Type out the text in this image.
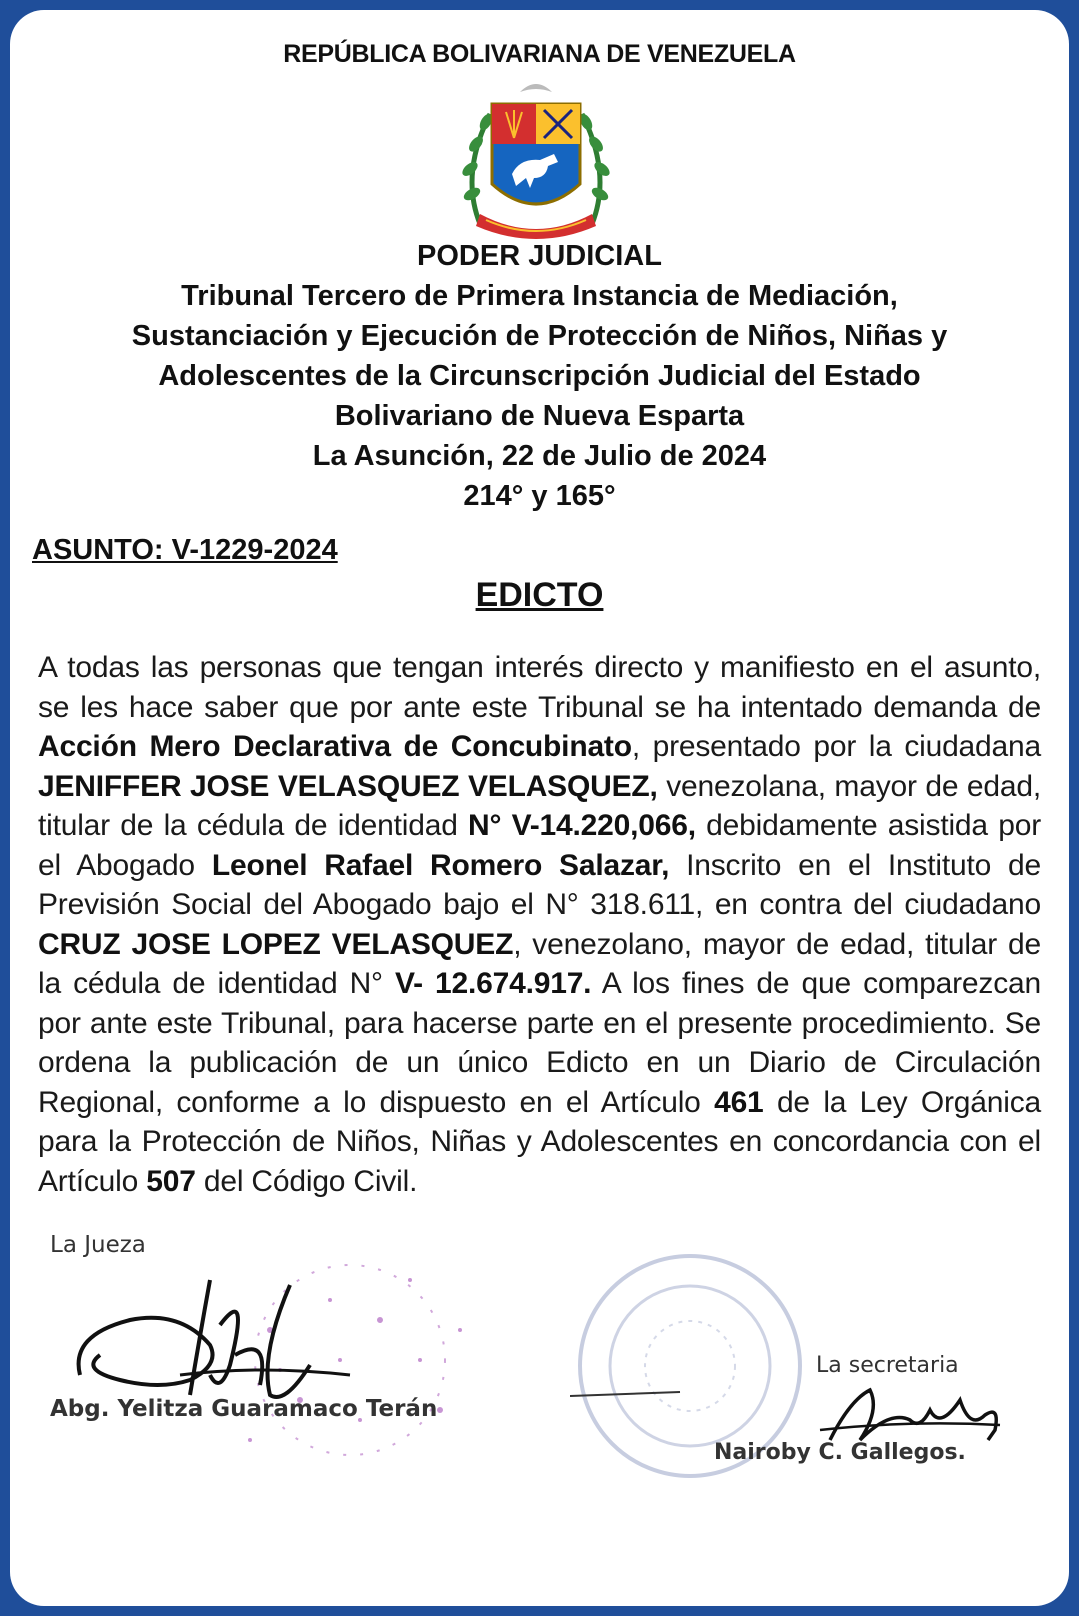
REPÚBLICA BOLIVARIANA DE VENEZUELA
PODER JUDICIAL
Tribunal Tercero de Primera Instancia de Mediación,
Sustanciación y Ejecución de Protección de Niños, Niñas y
Adolescentes de la Circunscripción Judicial del Estado
Bolivariano de Nueva Esparta
La Asunción, 22 de Julio de 2024
214° y 165°
ASUNTO: V-1229-2024
EDICTO
A todas las personas que tengan interés directo y manifiesto en el asunto, se les hace saber que por ante este Tribunal se ha intentado demanda de Acción Mero Declarativa de Concubinato, presentado por la ciudadana JENIFFER JOSE VELASQUEZ VELASQUEZ, venezolana, mayor de edad, titular de la cédula de identidad N° V-14.220,066, debidamente asistida por el Abogado Leonel Rafael Romero Salazar, Inscrito en el Instituto de Previsión Social del Abogado bajo el N° 318.611, en contra del ciudadano CRUZ JOSE LOPEZ VELASQUEZ, venezolano, mayor de edad, titular de la cédula de identidad N° V- 12.674.917. A los fines de que comparezcan por ante este Tribunal, para hacerse parte en el presente procedimiento. Se ordena la publicación de un único Edicto en un Diario de Circulación Regional, conforme a lo dispuesto en el Artículo 461 de la Ley Orgánica para la Protección de Niños, Niñas y Adolescentes en concordancia con el Artículo 507 del Código Civil.
La Jueza
Abg. Yelitza Guaramaco Terán
La secretaria
Nairoby C. Gallegos.
